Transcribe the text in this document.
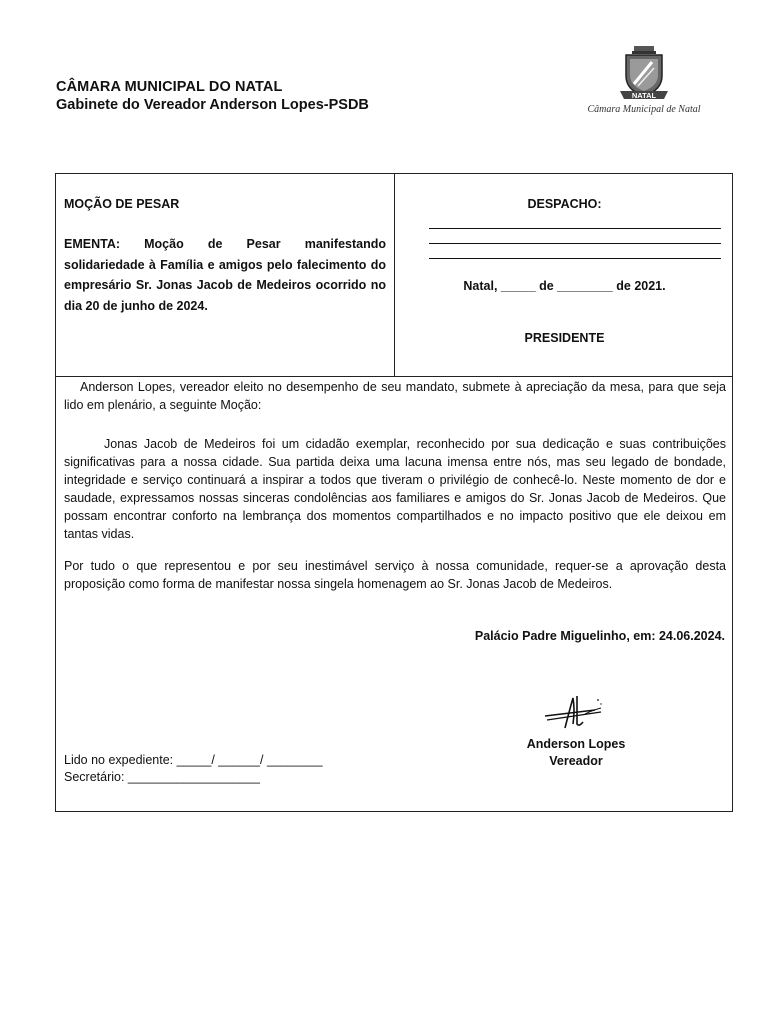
CÂMARA MUNICIPAL DO NATAL
Gabinete do Vereador Anderson Lopes-PSDB
NATAL
Câmara Municipal de Natal
MOÇÃO DE PESAR
EMENTA: Moção de Pesar manifestando solidariedade à Família e amigos pelo falecimento do empresário Sr. Jonas Jacob de Medeiros ocorrido no dia 20 de junho de 2024.
DESPACHO:
Natal, _____ de ________ de 2021.
PRESIDENTE

Anderson Lopes, vereador eleito no desempenho de seu mandato, submete à apreciação da mesa, para que seja lido em plenário, a seguinte Moção:

Jonas Jacob de Medeiros foi um cidadão exemplar, reconhecido por sua dedicação e suas contribuições significativas para a nossa cidade. Sua partida deixa uma lacuna imensa entre nós, mas seu legado de bondade, integridade e serviço continuará a inspirar a todos que tiveram o privilégio de conhecê-lo. Neste momento de dor e saudade, expressamos nossas sinceras condolências aos familiares e amigos do Sr. Jonas Jacob de Medeiros. Que possam encontrar conforto na lembrança dos momentos compartilhados e no impacto positivo que ele deixou em tantas vidas.

Por tudo o que representou e por seu inestimável serviço à nossa comunidade, requer-se a aprovação desta proposição como forma de manifestar nossa singela homenagem ao Sr. Jonas Jacob de Medeiros.

Palácio Padre Miguelinho, em: 24.06.2024.
Anderson Lopes
Vereador
Lido no expediente: _____/ ______/ ________
Secretário: ___________________
